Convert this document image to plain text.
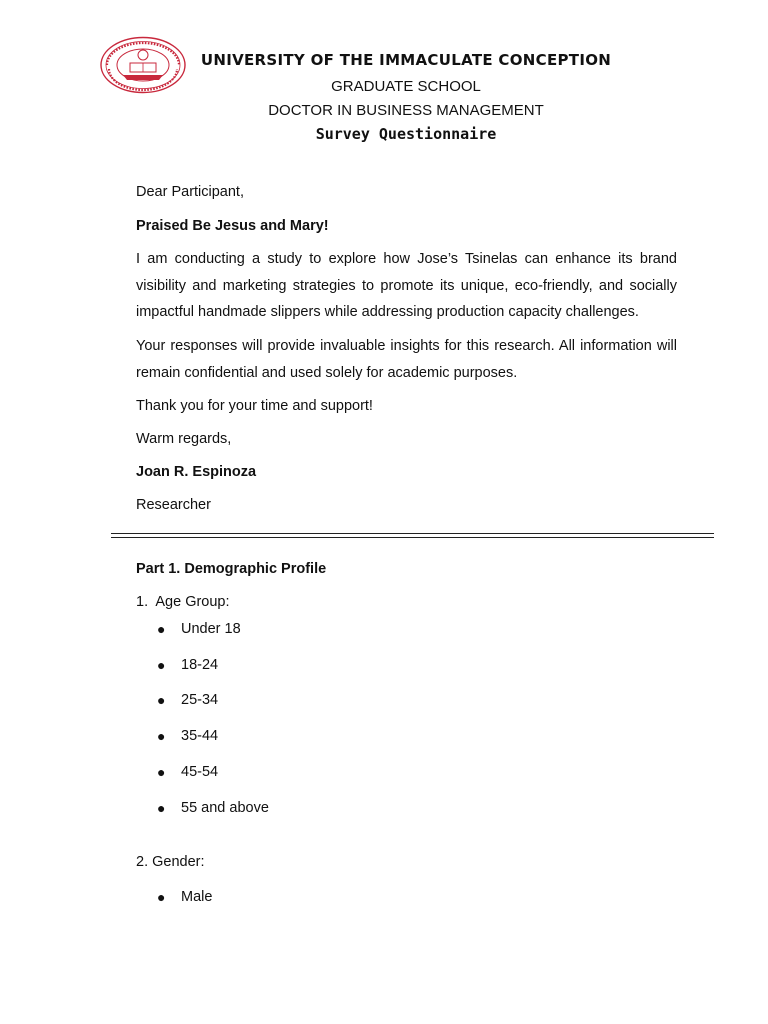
UNIVERSITY OF THE IMMACULATE CONCEPTION
GRADUATE SCHOOL
DOCTOR IN BUSINESS MANAGEMENT
Survey Questionnaire
Dear Participant,
Praised Be Jesus and Mary!

I am conducting a study to explore how Jose’s Tsinelas can enhance its brand visibility and marketing strategies to promote its unique, eco-friendly, and socially impactful handmade slippers while addressing production capacity challenges.

Your responses will provide invaluable insights for this research. All information will remain confidential and used solely for academic purposes.

Thank you for your time and support!
Warm regards,
Joan R. Espinoza
Researcher
Part 1. Demographic Profile
1. Age Group:
● Under 18
● 18-24
● 25-34
● 35-44
● 45-54
● 55 and above
2. Gender:
● Male
